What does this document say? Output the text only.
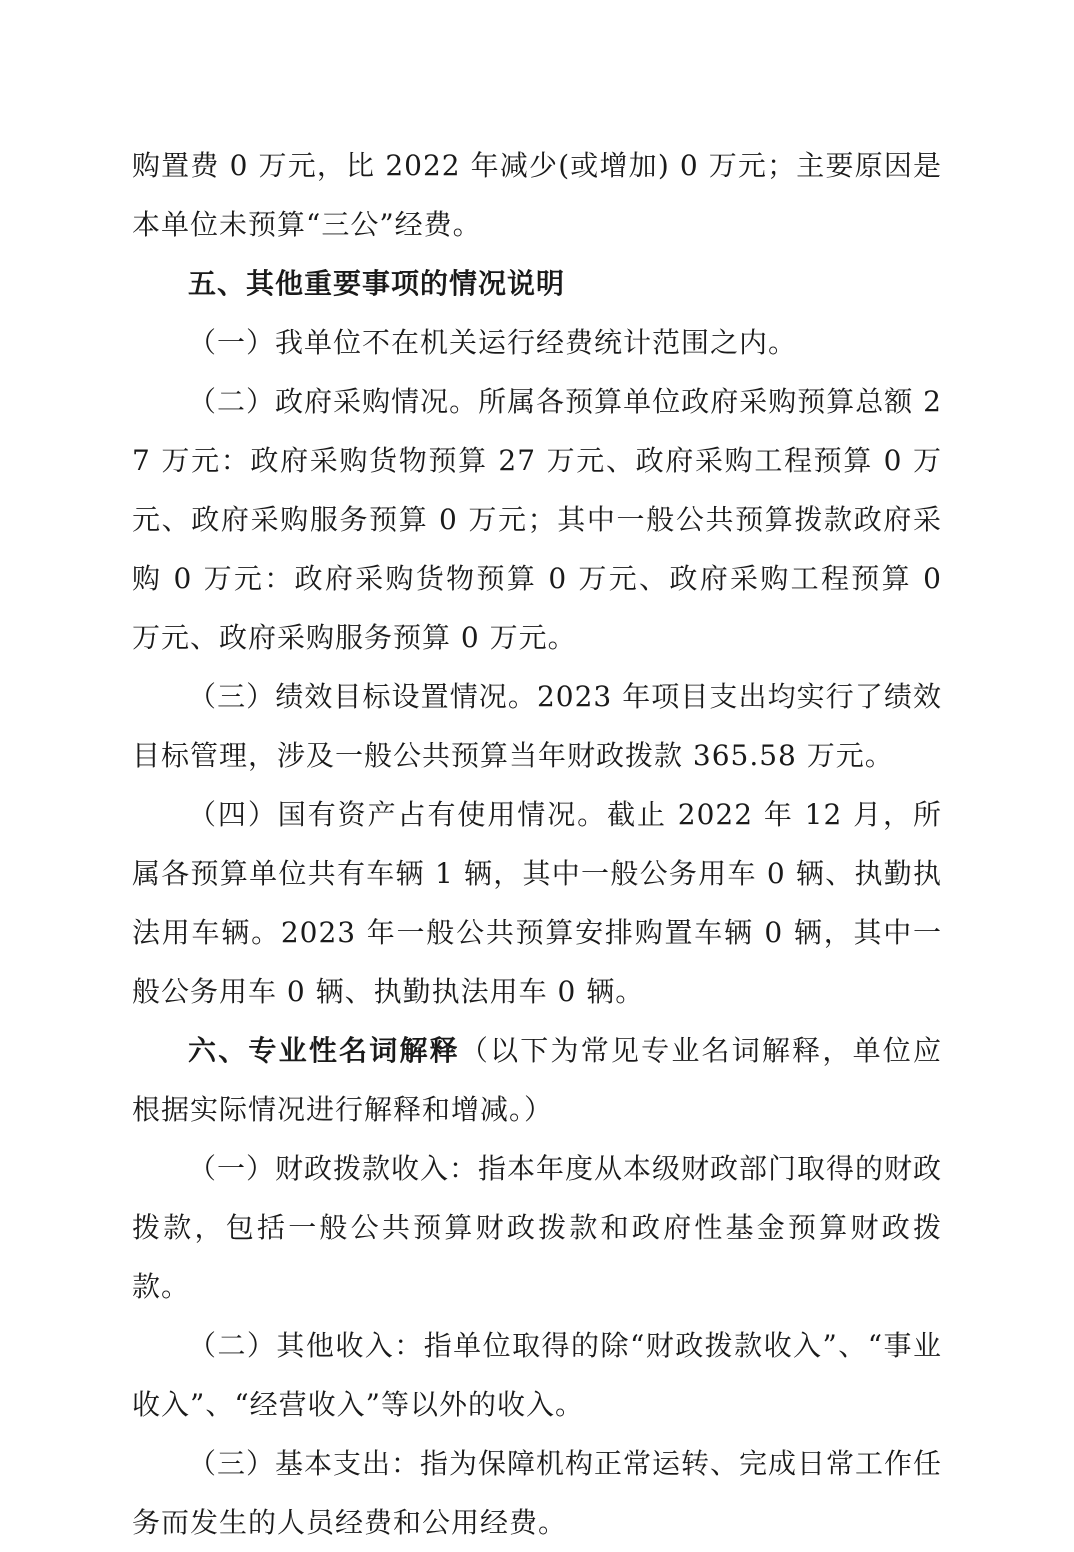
购置费 0 万元，比 2022 年减少(或增加) 0 万元；主要原因是本单位未预算“三公”经费。

五、其他重要事项的情况说明

（一）我单位不在机关运行经费统计范围之内。

（二）政府采购情况。所属各预算单位政府采购预算总额 27 万元：政府采购货物预算 27 万元、政府采购工程预算 0 万元、政府采购服务预算 0 万元；其中一般公共预算拨款政府采购 0 万元：政府采购货物预算 0 万元、政府采购工程预算 0 万元、政府采购服务预算 0 万元。

（三）绩效目标设置情况。2023 年项目支出均实行了绩效目标管理，涉及一般公共预算当年财政拨款 365.58 万元。

（四）国有资产占有使用情况。截止 2022 年 12 月，所属各预算单位共有车辆 1 辆，其中一般公务用车 0 辆、执勤执法用车辆。2023 年一般公共预算安排购置车辆 0 辆，其中一般公务用车 0 辆、执勤执法用车 0 辆。

六、专业性名词解释（以下为常见专业名词解释，单位应根据实际情况进行解释和增减。）

（一）财政拨款收入：指本年度从本级财政部门取得的财政拨款，包括一般公共预算财政拨款和政府性基金预算财政拨款。

（二）其他收入：指单位取得的除“财政拨款收入”、“事业收入”、“经营收入”等以外的收入。

（三）基本支出：指为保障机构正常运转、完成日常工作任务而发生的人员经费和公用经费。
